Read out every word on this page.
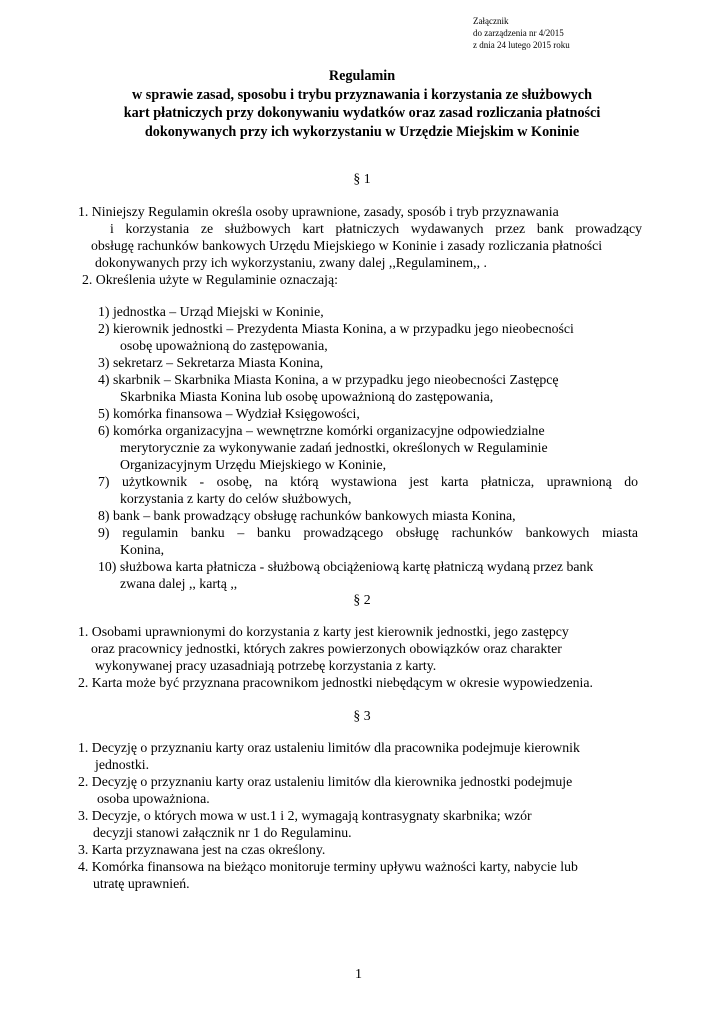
Załącznik
do zarządzenia nr 4/2015
z dnia 24 lutego 2015 roku
Regulamin
w sprawie zasad, sposobu i trybu przyznawania i korzystania ze służbowych
kart płatniczych przy dokonywaniu wydatków oraz zasad rozliczania płatności
dokonywanych przy ich wykorzystaniu w Urzędzie Miejskim w Koninie
§ 1
1. Niniejszy Regulamin określa osoby uprawnione, zasady, sposób i tryb przyznawania
i korzystania ze służbowych kart płatniczych wydawanych przez bank prowadzący
obsługę rachunków bankowych Urzędu Miejskiego w Koninie i zasady rozliczania płatności
dokonywanych przy ich wykorzystaniu, zwany dalej ,,Regulaminem,, .
2. Określenia użyte w Regulaminie oznaczają:
1) jednostka – Urząd Miejski w Koninie,
2) kierownik jednostki – Prezydenta Miasta Konina, a w przypadku jego nieobecności
osobę upoważnioną do zastępowania,
3) sekretarz – Sekretarza Miasta Konina,
4) skarbnik – Skarbnika Miasta Konina, a w przypadku jego nieobecności Zastępcę
Skarbnika Miasta Konina lub osobę upoważnioną do zastępowania,
5) komórka finansowa – Wydział Księgowości,
6) komórka organizacyjna – wewnętrzne komórki organizacyjne odpowiedzialne
merytorycznie za wykonywanie zadań jednostki, określonych w Regulaminie
Organizacyjnym Urzędu Miejskiego w Koninie,
7) użytkownik - osobę, na którą wystawiona jest karta płatnicza, uprawnioną do
korzystania z karty do celów służbowych,
8) bank – bank prowadzący obsługę rachunków bankowych miasta Konina,
9) regulamin banku – banku prowadzącego obsługę rachunków bankowych miasta
Konina,
10) służbowa karta płatnicza - służbową obciążeniową kartę płatniczą wydaną przez bank
zwana dalej ,, kartą ,,
§ 2
1. Osobami uprawnionymi do korzystania z karty jest kierownik jednostki, jego zastępcy
oraz pracownicy jednostki, których zakres powierzonych obowiązków oraz charakter
wykonywanej pracy uzasadniają potrzebę korzystania z karty.
2. Karta może być przyznana pracownikom jednostki niebędącym w okresie wypowiedzenia.
§ 3
1. Decyzję o przyznaniu karty oraz ustaleniu limitów dla pracownika podejmuje kierownik
jednostki.
2. Decyzję o przyznaniu karty oraz ustaleniu limitów dla kierownika jednostki podejmuje
osoba upoważniona.
3. Decyzje, o których mowa w ust.1 i 2, wymagają kontrasygnaty skarbnika; wzór
decyzji stanowi załącznik nr 1 do Regulaminu.
3. Karta przyznawana jest na czas określony.
4. Komórka finansowa na bieżąco monitoruje terminy upływu ważności karty, nabycie lub
utratę uprawnień.
1
